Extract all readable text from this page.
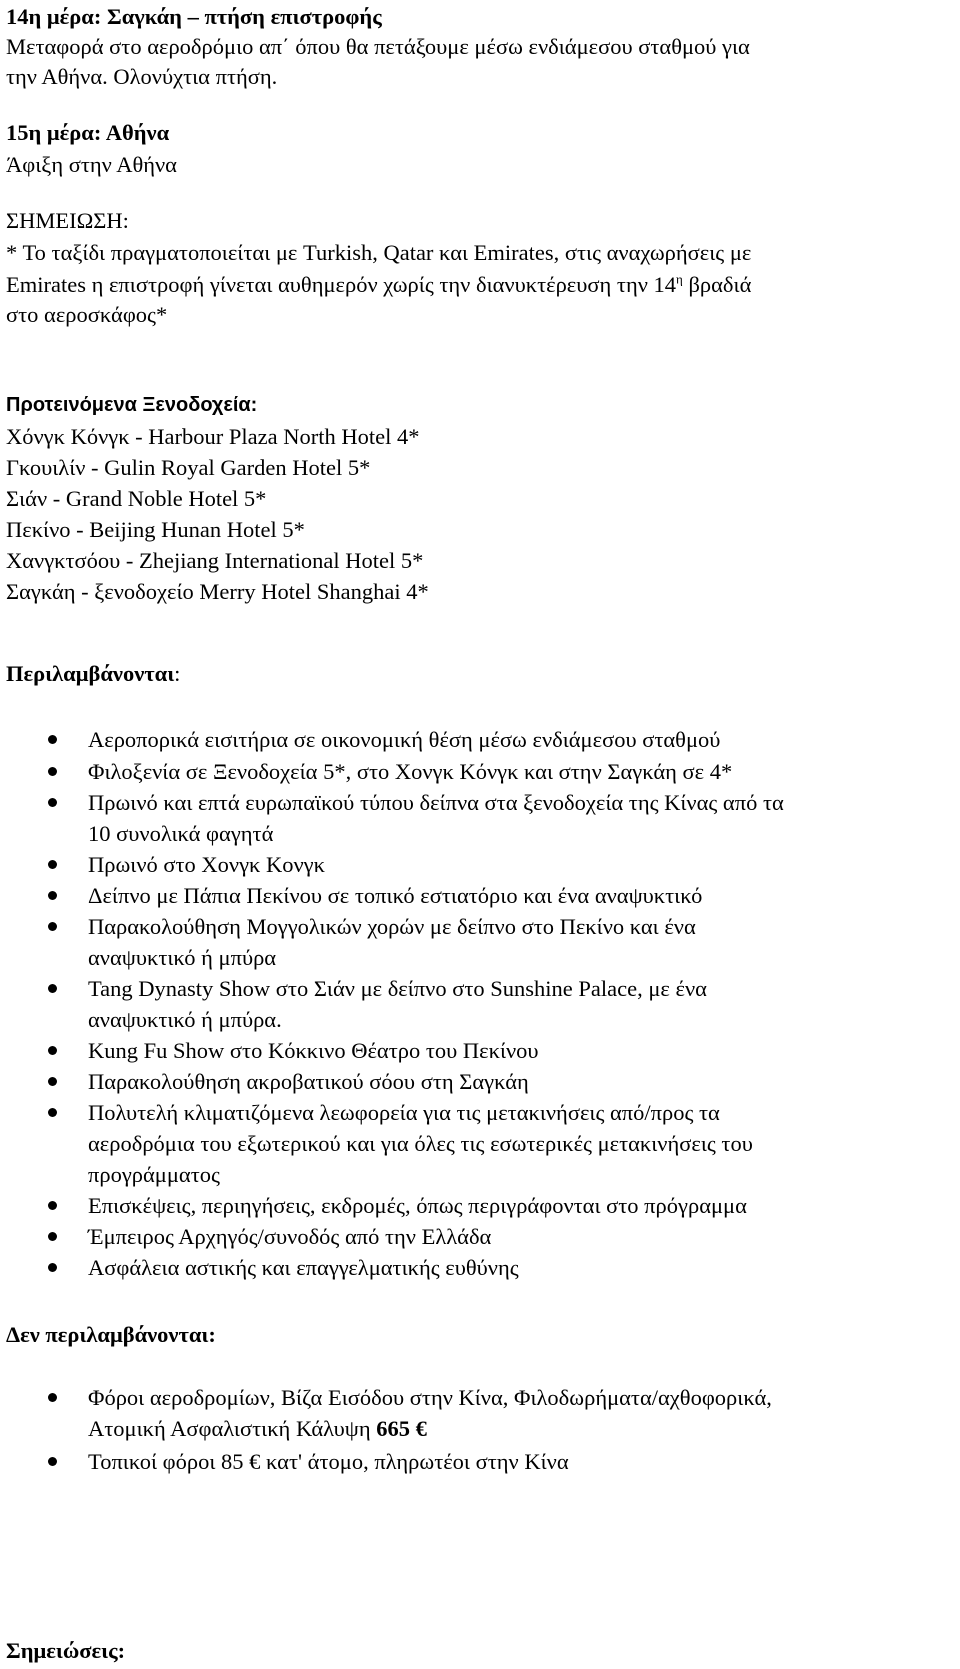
14η μέρα: Σαγκάη – πτήση επιστροφής
Μεταφορά στο αεροδρόμιο απ΄ όπου θα πετάξουμε μέσω ενδιάμεσου σταθμού για
την Αθήνα. Ολονύχτια πτήση.
15η μέρα: Αθήνα
Άφιξη στην Αθήνα
ΣΗΜΕΙΩΣΗ:
* Το ταξίδι πραγματοποιείται με Turkish, Qatar και Emirates, στις αναχωρήσεις με
Emirates η επιστροφή γίνεται αυθημερόν χωρίς την διανυκτέρευση την $14^\eta$ βραδιά
στο αεροσκάφος*
Προτεινόμενα Ξενοδοχεία:
Χόνγκ Κόνγκ - Harbour Plaza North Hotel 4*
Γκουιλίν - Gulin Royal Garden Hotel 5*
Σιάν - Grand Noble Hotel 5*
Πεκίνο - Beijing Hunan Hotel 5*
Χανγκτσόου - Zhejiang International Hotel 5*
Σαγκάη - ξενοδοχείο Merry Hotel Shanghai 4*
Περιλαμβάνονται:
Αεροπορικά εισιτήρια σε οικονομική θέση μέσω ενδιάμεσου σταθμού
Φιλοξενία σε Ξενοδοχεία 5*, στο Χονγκ Κόνγκ και στην Σαγκάη σε 4*
Πρωινό και επτά ευρωπαϊκού τύπου δείπνα στα ξενοδοχεία της Κίνας από τα
10 συνολικά φαγητά
Πρωινό στο Χονγκ Κονγκ
Δείπνο με Πάπια Πεκίνου σε τοπικό εστιατόριο και ένα αναψυκτικό
Παρακολούθηση Μογγολικών χορών με δείπνο στο Πεκίνο και ένα
αναψυκτικό ή μπύρα
Tang Dynasty Show στο Σιάν με δείπνο στο Sunshine Palace, με ένα
αναψυκτικό ή μπύρα.
Kung Fu Show στο Κόκκινο Θέατρο του Πεκίνου
Παρακολούθηση ακροβατικού σόου στη Σαγκάη
Πολυτελή κλιματιζόμενα λεωφορεία για τις μετακινήσεις από/προς τα
αεροδρόμια του εξωτερικού και για όλες τις εσωτερικές μετακινήσεις του
προγράμματος
Επισκέψεις, περιηγήσεις, εκδρομές, όπως περιγράφονται στο πρόγραμμα
Έμπειρος Αρχηγός/συνοδός από την Ελλάδα
Ασφάλεια αστικής και επαγγελματικής ευθύνης
Δεν περιλαμβάνονται:
Φόροι αεροδρομίων, Βίζα Εισόδου στην Κίνα, Φιλοδωρήματα/αχθοφορικά,
Ατομική Ασφαλιστική Κάλυψη 665 €
Τοπικοί φόροι 85 € κατ' άτομο, πληρωτέοι στην Κίνα
Σημειώσεις:
